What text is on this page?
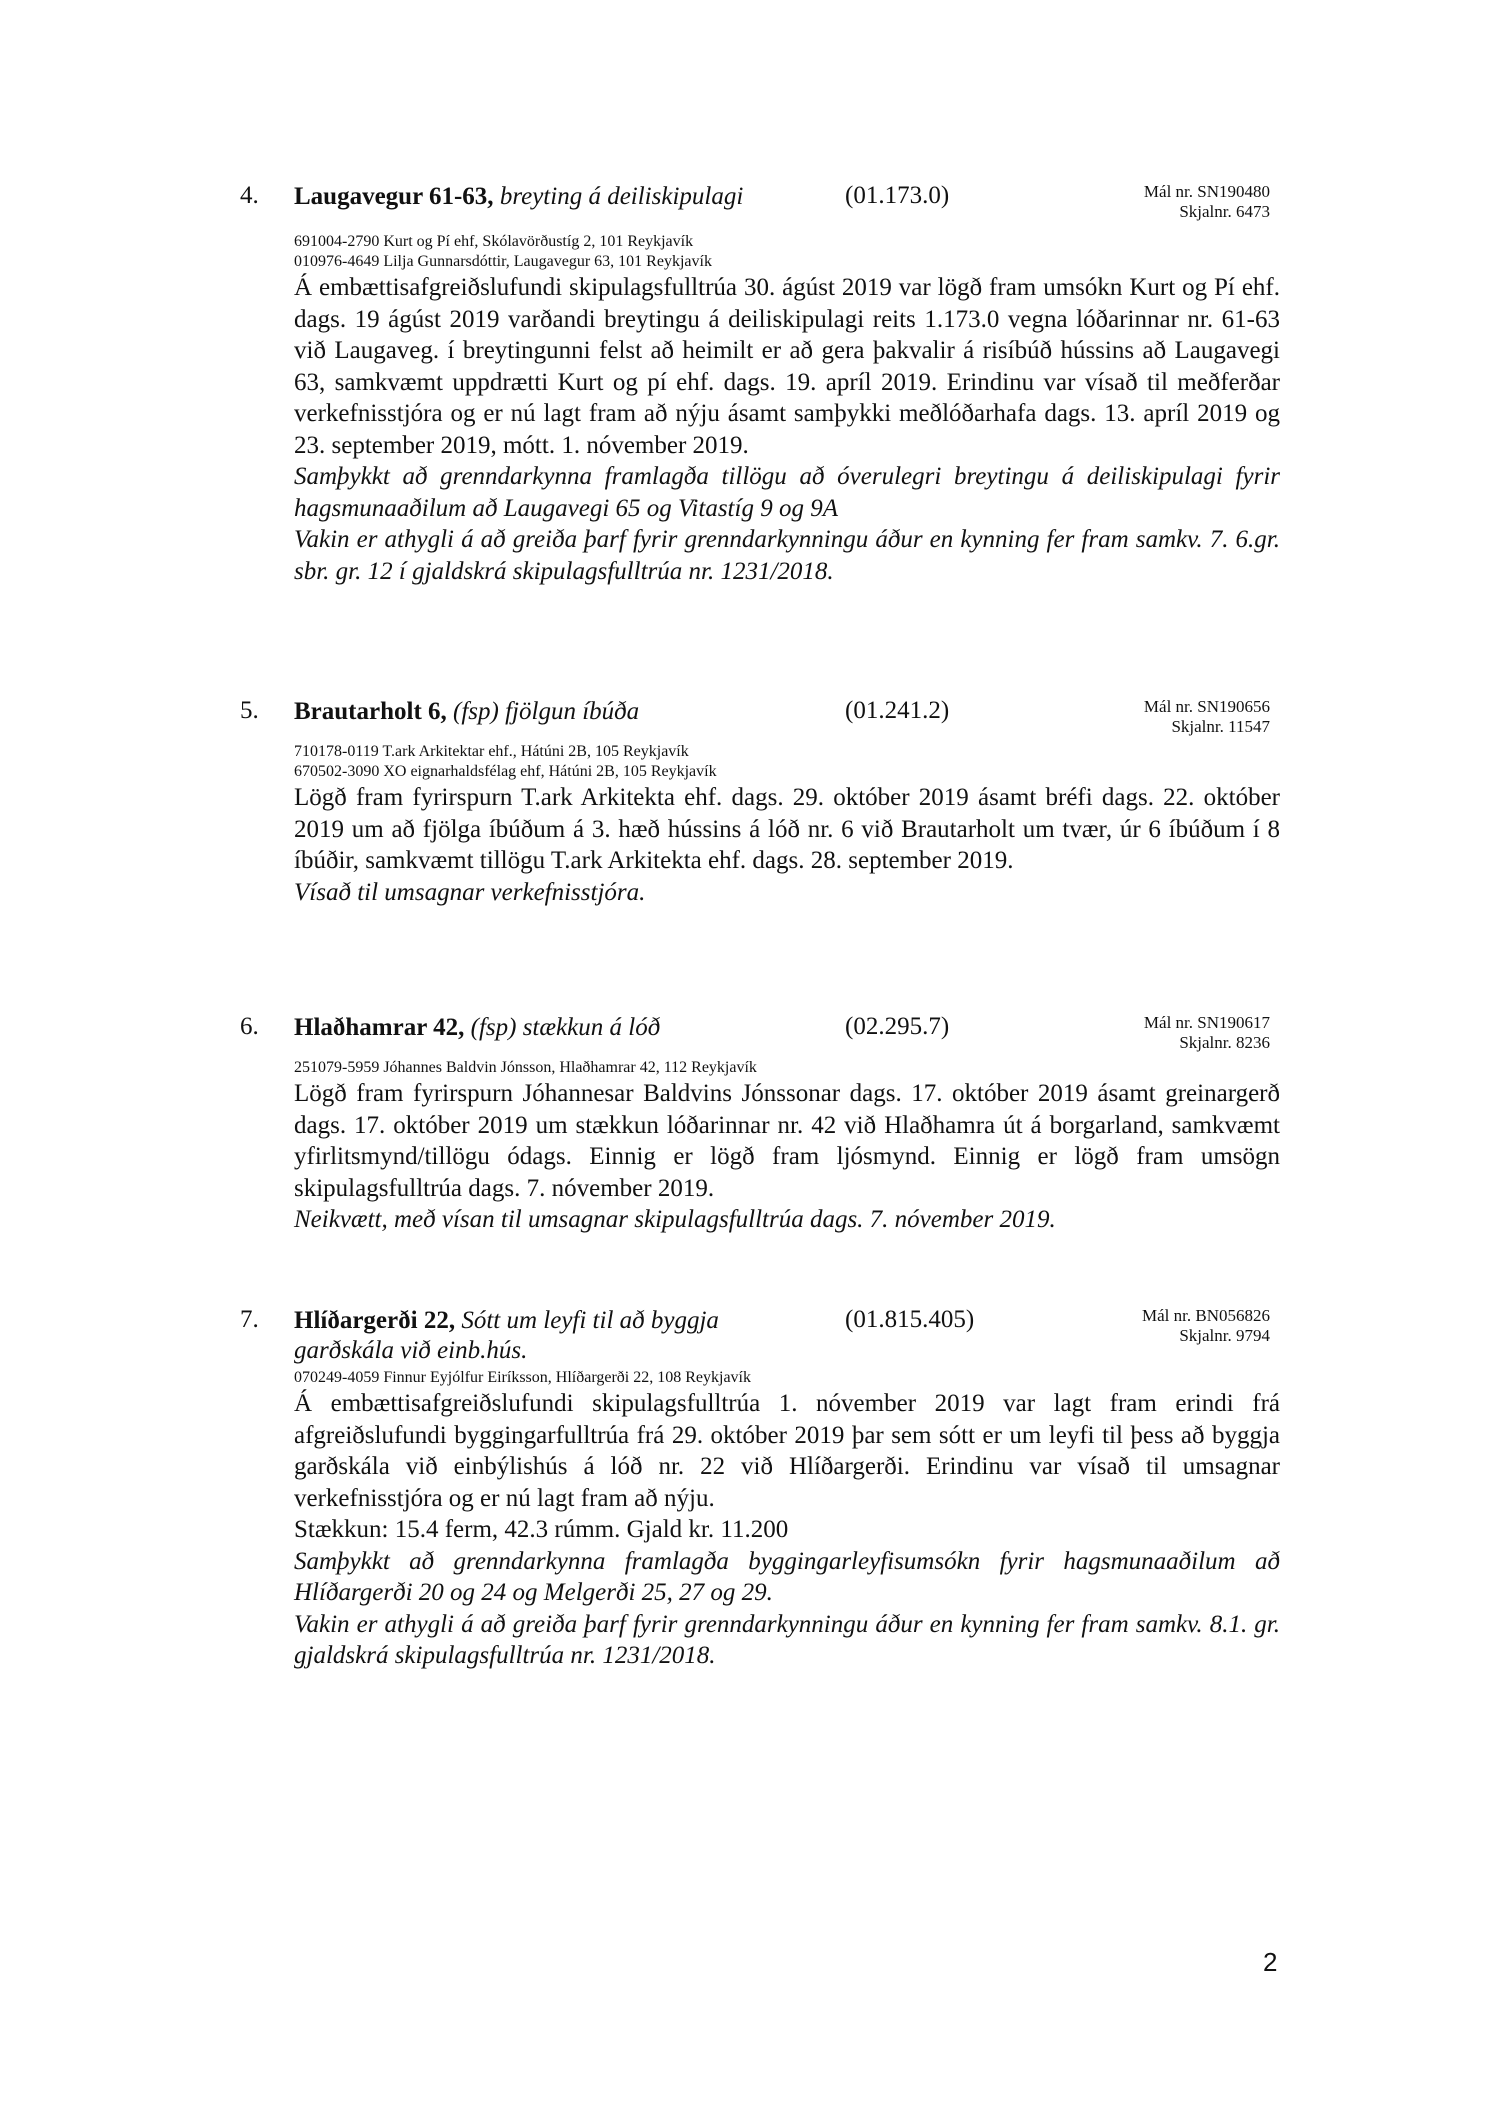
4. Laugavegur 61-63, breyting á deiliskipulagi	(01.173.0)	Mál nr. SN190480
Skjalnr. 6473
691004-2790 Kurt og Pí ehf, Skólavörðustíg 2, 101 Reykjavík
010976-4649 Lilja Gunnarsdóttir, Laugavegur 63, 101 Reykjavík

Á embættisafgreiðslufundi skipulagsfulltrúa 30. ágúst 2019 var lögð fram umsókn Kurt og Pí ehf. dags. 19 ágúst 2019 varðandi breytingu á deiliskipulagi reits 1.173.0 vegna lóðarinnar nr. 61-63 við Laugaveg. í breytingunni felst að heimilt er að gera þakvalir á risíbúð hússins að Laugavegi 63, samkvæmt uppdrætti Kurt og pí ehf. dags. 19. apríl 2019. Erindinu var vísað til meðferðar verkefnisstjóra og er nú lagt fram að nýju ásamt samþykki meðlóðarhafa dags. 13. apríl 2019 og 23. september 2019, mótt. 1. nóvember 2019.

Samþykkt að grenndarkynna framlagða tillögu að óverulegri breytingu á deiliskipulagi fyrir hagsmunaaðilum að Laugavegi 65 og Vitastíg 9 og 9A

Vakin er athygli á að greiða þarf fyrir grenndarkynningu áður en kynning fer fram samkv. 7. 6.gr. sbr. gr. 12 í gjaldskrá skipulagsfulltrúa nr. 1231/2018.

5. Brautarholt 6, (fsp) fjölgun íbúða	(01.241.2)	Mál nr. SN190656
Skjalnr. 11547
710178-0119 T.ark Arkitektar ehf., Hátúni 2B, 105 Reykjavík
670502-3090 XO eignarhaldsfélag ehf, Hátúni 2B, 105 Reykjavík

Lögð fram fyrirspurn T.ark Arkitekta ehf. dags. 29. október 2019 ásamt bréfi dags. 22. október 2019 um að fjölga íbúðum á 3. hæð hússins á lóð nr. 6 við Brautarholt um tvær, úr 6 íbúðum í 8 íbúðir, samkvæmt tillögu T.ark Arkitekta ehf. dags. 28. september 2019.

Vísað til umsagnar verkefnisstjóra.

6. Hlaðhamrar 42, (fsp) stækkun á lóð	(02.295.7)	Mál nr. SN190617
Skjalnr. 8236
251079-5959 Jóhannes Baldvin Jónsson, Hlaðhamrar 42, 112 Reykjavík

Lögð fram fyrirspurn Jóhannesar Baldvins Jónssonar dags. 17. október 2019 ásamt greinargerð dags. 17. október 2019 um stækkun lóðarinnar nr. 42 við Hlaðhamra út á borgarland, samkvæmt yfirlitsmynd/tillögu ódags. Einnig er lögð fram ljósmynd. Einnig er lögð fram umsögn skipulagsfulltrúa dags. 7. nóvember 2019.

Neikvætt, með vísan til umsagnar skipulagsfulltrúa dags. 7. nóvember 2019.

7. Hlíðargerði 22, Sótt um leyfi til að byggja garðskála við einb.hús.
(01.815.405)	Mál nr. BN056826
Skjalnr. 9794
070249-4059 Finnur Eyjólfur Eiríksson, Hlíðargerði 22, 108 Reykjavík

Á embættisafgreiðslufundi skipulagsfulltrúa 1. nóvember 2019 var lagt fram erindi frá afgreiðslufundi byggingarfulltrúa frá 29. október 2019 þar sem sótt er um leyfi til þess að byggja garðskála við einbýlishús á lóð nr. 22 við Hlíðargerði. Erindinu var vísað til umsagnar verkefnisstjóra og er nú lagt fram að nýju.

Stækkun: 15.4 ferm, 42.3 rúmm. Gjald kr. 11.200

Samþykkt að grenndarkynna framlagða byggingarleyfisumsókn fyrir hagsmunaaðilum að Hlíðargerði 20 og 24 og Melgerði 25, 27 og 29.

Vakin er athygli á að greiða þarf fyrir grenndarkynningu áður en kynning fer fram samkv. 8.1. gr. gjaldskrá skipulagsfulltrúa nr. 1231/2018.

2
